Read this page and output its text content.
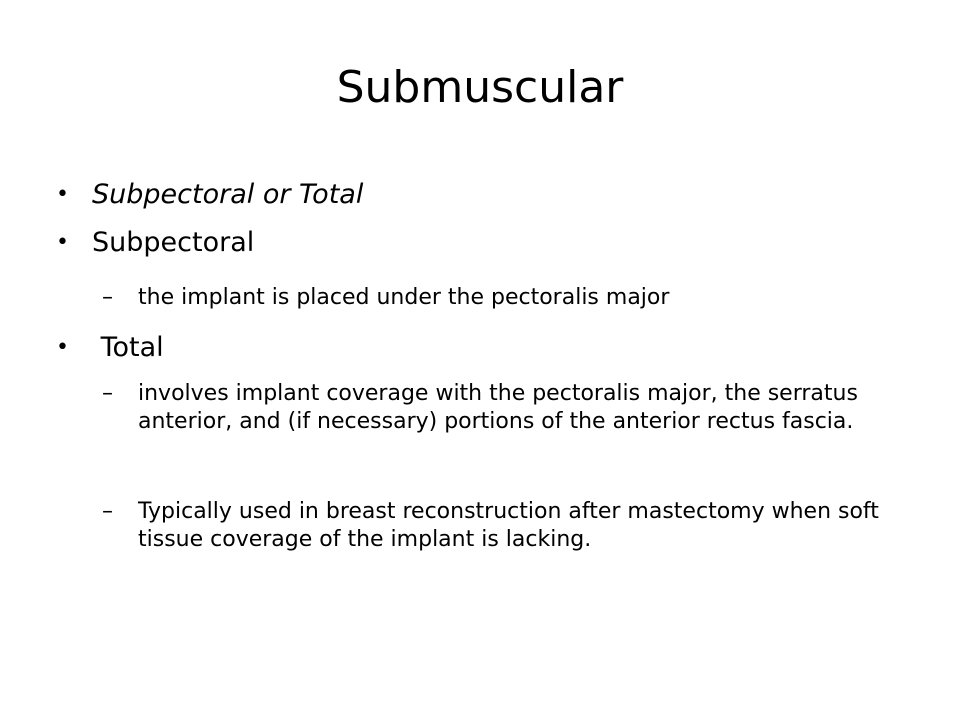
Submuscular
• Subpectoral or Total
• Subpectoral
– the implant is placed under the pectoralis major
• Total
– involves implant coverage with the pectoralis major, the serratus anterior, and (if necessary) portions of the anterior rectus fascia.
– Typically used in breast reconstruction after mastectomy when soft tissue coverage of the implant is lacking.
